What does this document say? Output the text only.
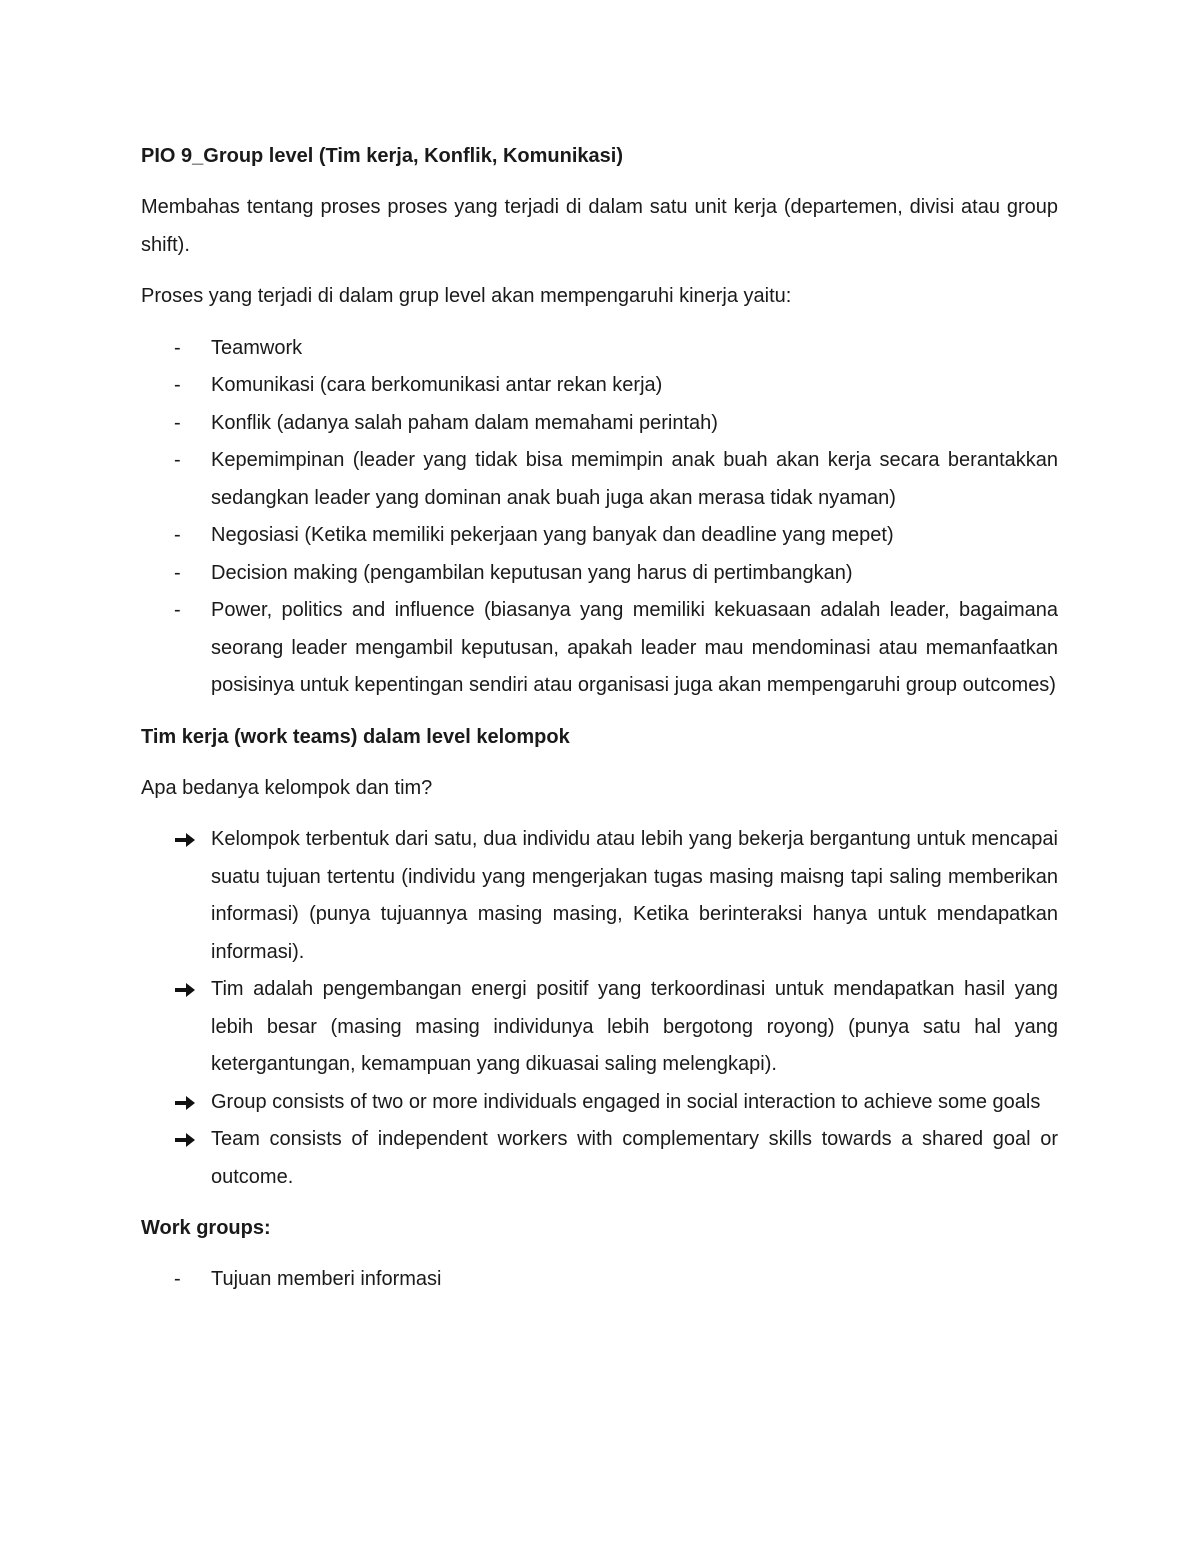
PIO 9_Group level (Tim kerja, Konflik, Komunikasi)
Membahas tentang proses proses yang terjadi di dalam satu unit kerja (departemen, divisi atau group shift).
Proses yang terjadi di dalam grup level akan mempengaruhi kinerja yaitu:
- Teamwork
- Komunikasi (cara berkomunikasi antar rekan kerja)
- Konflik (adanya salah paham dalam memahami perintah)
- Kepemimpinan (leader yang tidak bisa memimpin anak buah akan kerja secara berantakkan sedangkan leader yang dominan anak buah juga akan merasa tidak nyaman)
- Negosiasi (Ketika memiliki pekerjaan yang banyak dan deadline yang mepet)
- Decision making (pengambilan keputusan yang harus di pertimbangkan)
- Power, politics and influence (biasanya yang memiliki kekuasaan adalah leader, bagaimana seorang leader mengambil keputusan, apakah leader mau mendominasi atau memanfaatkan posisinya untuk kepentingan sendiri atau organisasi juga akan mempengaruhi group outcomes)
Tim kerja (work teams) dalam level kelompok
Apa bedanya kelompok dan tim?
Kelompok terbentuk dari satu, dua individu atau lebih yang bekerja bergantung untuk mencapai suatu tujuan tertentu (individu yang mengerjakan tugas masing maisng tapi saling memberikan informasi) (punya tujuannya masing masing, Ketika berinteraksi hanya untuk mendapatkan informasi).
Tim adalah pengembangan energi positif yang terkoordinasi untuk mendapatkan hasil yang lebih besar (masing masing individunya lebih bergotong royong) (punya satu hal yang ketergantungan, kemampuan yang dikuasai saling melengkapi).
Group consists of two or more individuals engaged in social interaction to achieve some goals
Team consists of independent workers with complementary skills towards a shared goal or outcome.
Work groups:
- Tujuan memberi informasi
